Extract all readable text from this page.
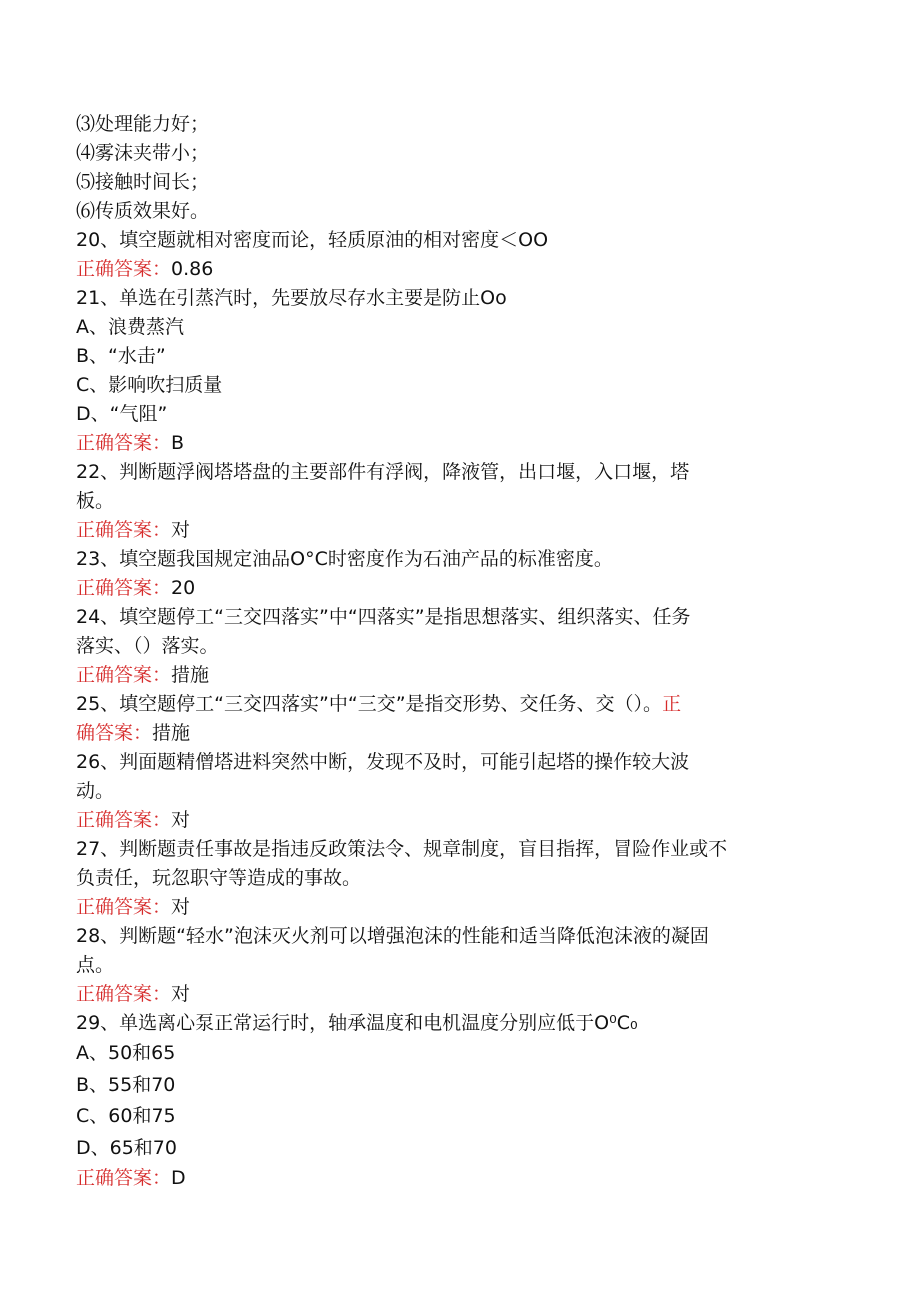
⑶处理能力好；

⑷雾沫夹带小；

⑸接触时间长；

⑹传质效果好。

20、填空题就相对密度而论，轻质原油的相对密度＜OO

正确答案：0.86

21、单选在引蒸汽时，先要放尽存水主要是防止Oo

A、浪费蒸汽

B、“水击”

C、影响吹扫质量

D、“气阻”

正确答案：B

22、判断题浮阀塔塔盘的主要部件有浮阀，降液管，出口堰，入口堰，塔

板。

正确答案：对

23、填空题我国规定油品O°C时密度作为石油产品的标准密度。

正确答案：20

24、填空题停工“三交四落实”中“四落实”是指思想落实、组织落实、任务

落实、（）落实。

正确答案：措施

25、填空题停工“三交四落实”中“三交”是指交形势、交任务、交（）。正

确答案：措施

26、判面题精僧塔进料突然中断，发现不及时，可能引起塔的操作较大波

动。

正确答案：对

27、判断题责任事故是指违反政策法令、规章制度，盲目指挥，冒险作业或不

负责任，玩忽职守等造成的事故。

正确答案：对

28、判断题“轻水”泡沫灭火剂可以增强泡沫的性能和适当降低泡沫液的凝固

点。

正确答案：对

29、单选离心泵正常运行时，轴承温度和电机温度分别应低于O⁰C₀

A、50和65

B、55和70

C、60和75

D、65和70

正确答案：D
